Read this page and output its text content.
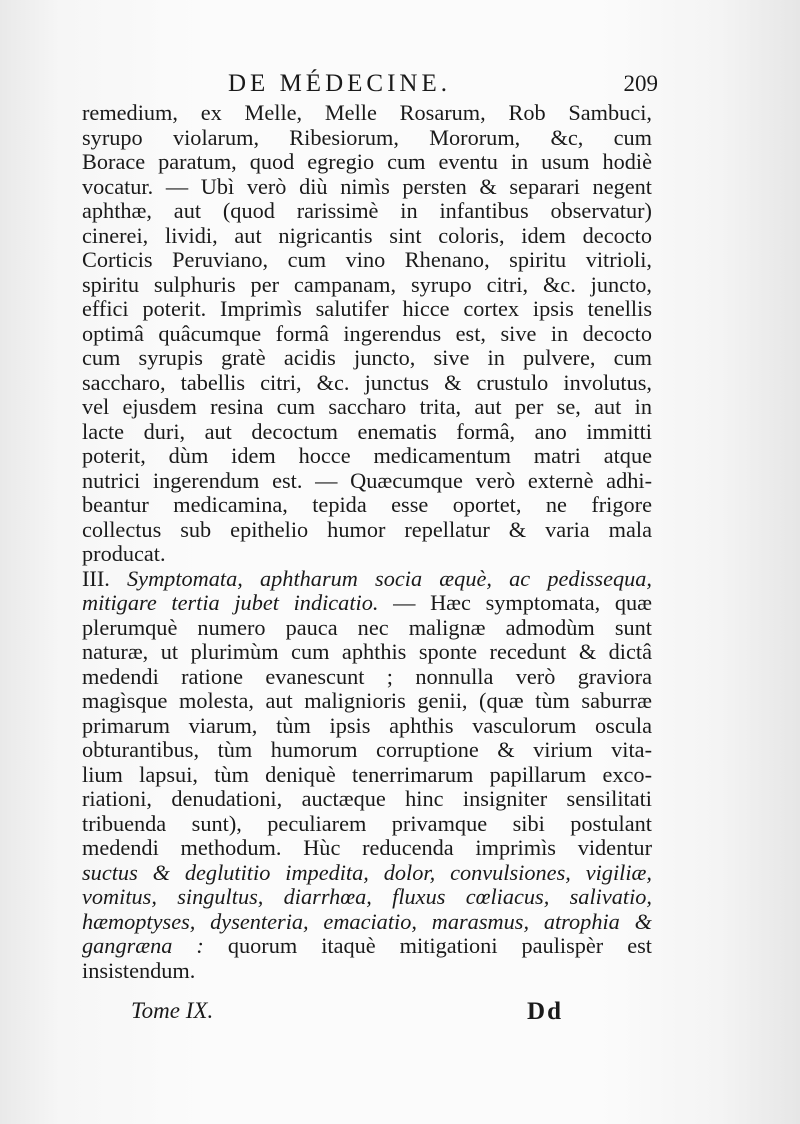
DE MÉDECINE.	209
remedium, ex Melle, Melle Rosarum, Rob Sambuci,
syrupo violarum, Ribesiorum, Mororum, &c, cum
Borace paratum, quod egregio cum eventu in usum hodiè
vocatur. — Ubì verò diù nimìs persten & separari negent
aphthæ, aut (quod rarissimè in infantibus observatur)
cinerei, lividi, aut nigricantis sint coloris, idem decocto
Corticis Peruviano, cum vino Rhenano, spiritu vitrioli,
spiritu sulphuris per campanam, syrupo citri, &c. juncto,
effici poterit. Imprimìs salutifer hicce cortex ipsis tenellis
optimâ quâcumque formâ ingerendus est, sive in decocto
cum syrupis gratè acidis juncto, sive in pulvere, cum
saccharo, tabellis citri, &c. junctus & crustulo involutus,
vel ejusdem resina cum saccharo trita, aut per se, aut in
lacte duri, aut decoctum enematis formâ, ano immitti
poterit, dùm idem hocce medicamentum matri atque
nutrici ingerendum est. — Quæcumque verò externè adhi-
beantur medicamina, tepida esse oportet, ne frigore
collectus sub epithelio humor repellatur & varia mala
producat.
III. Symptomata, aphtharum socia æquè, ac pedissequa,
mitigare tertia jubet indicatio. — Hæc symptomata, quæ
plerumquè numero pauca nec malignæ admodùm sunt
naturæ, ut plurimùm cum aphthis sponte recedunt & dictâ
medendi ratione evanescunt ; nonnulla verò graviora
magìsque molesta, aut malignioris genii, (quæ tùm saburræ
primarum viarum, tùm ipsis aphthis vasculorum oscula
obturantibus, tùm humorum corruptione & virium vita-
lium lapsui, tùm deniquè tenerrimarum papillarum exco-
riationi, denudationi, auctæque hinc insigniter sensilitati
tribuenda sunt), peculiarem privamque sibi postulant
medendi methodum. Hùc reducenda imprimìs videntur
suctus & deglutitio impedita, dolor, convulsiones, vigiliæ,
vomitus, singultus, diarrhœa, fluxus cœliacus, salivatio,
hæmoptyses, dysenteria, emaciatio, marasmus, atrophia &
gangræna : quorum itaquè mitigationi paulispèr est
insistendum.
Tome IX.	Dd
